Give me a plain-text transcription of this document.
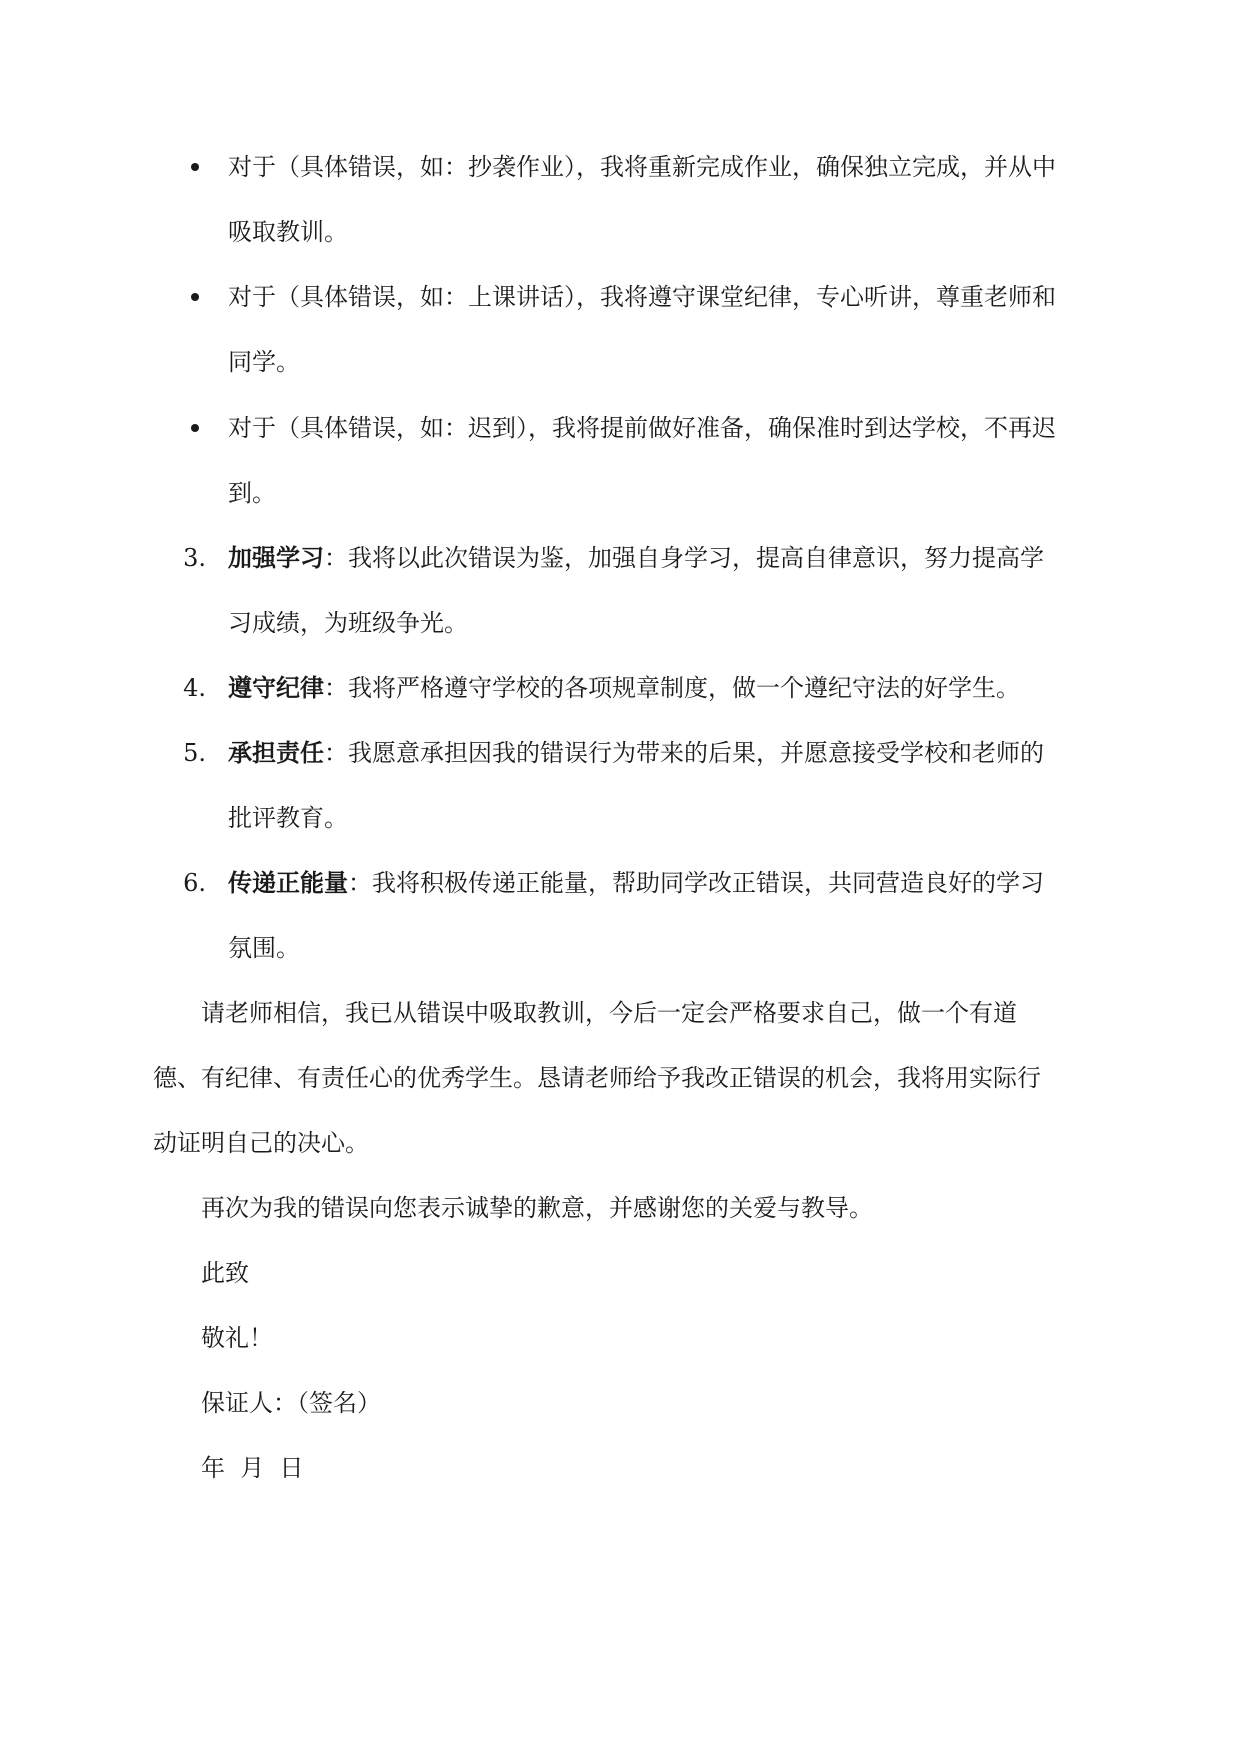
对于（具体错误，如：抄袭作业），我将重新完成作业，确保独立完成，并从中
吸取教训。
对于（具体错误，如：上课讲话），我将遵守课堂纪律，专心听讲，尊重老师和
同学。
对于（具体错误，如：迟到），我将提前做好准备，确保准时到达学校，不再迟
到。
3. 加强学习：我将以此次错误为鉴，加强自身学习，提高自律意识，努力提高学
习成绩，为班级争光。
4. 遵守纪律：我将严格遵守学校的各项规章制度，做一个遵纪守法的好学生。
5. 承担责任：我愿意承担因我的错误行为带来的后果，并愿意接受学校和老师的
批评教育。
6. 传递正能量：我将积极传递正能量，帮助同学改正错误，共同营造良好的学习
氛围。
请老师相信，我已从错误中吸取教训，今后一定会严格要求自己，做一个有道
德、有纪律、有责任心的优秀学生。恳请老师给予我改正错误的机会，我将用实际行
动证明自己的决心。
再次为我的错误向您表示诚挚的歉意，并感谢您的关爱与教导。
此致
敬礼！
保证人：（签名）
年  月  日
